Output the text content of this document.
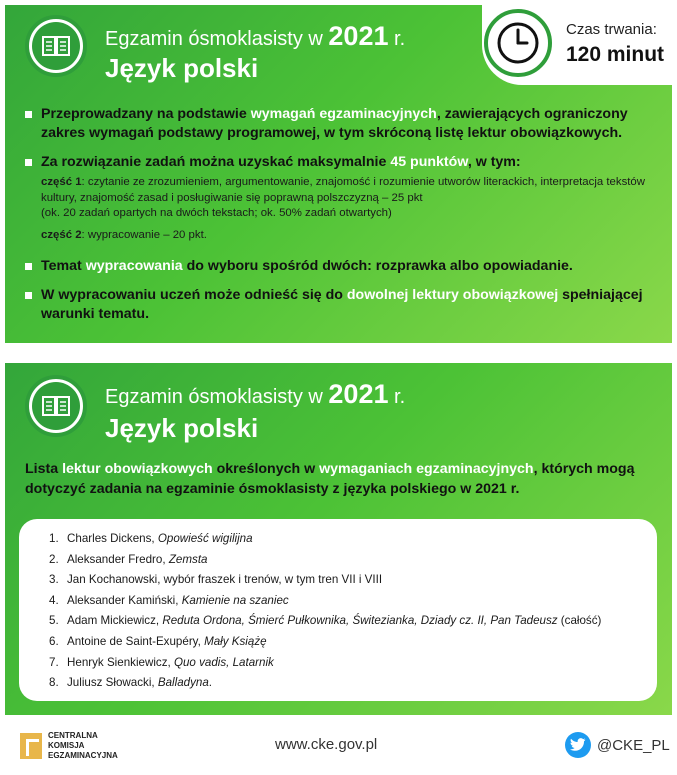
Egzamin ósmoklasisty w 2021 r.
Język polski
Czas trwania:
120 minut
Przeprowadzany na podstawie wymagań egzaminacyjnych, zawierających ograniczony zakres wymagań podstawy programowej, w tym skróconą listę lektur obowiązkowych.
Za rozwiązanie zadań można uzyskać maksymalnie 45 punktów, w tym:
część 1: czytanie ze zrozumieniem, argumentowanie, znajomość i rozumienie utworów literackich, interpretacja tekstów kultury, znajomość zasad i posługiwanie się poprawną polszczyzną – 25 pkt
(ok. 20 zadań opartych na dwóch tekstach; ok. 50% zadań otwartych)
część 2: wypracowanie – 20 pkt.
Temat wypracowania do wyboru spośród dwóch: rozprawka albo opowiadanie.
W wypracowaniu uczeń może odnieść się do dowolnej lektury obowiązkowej spełniającej warunki tematu.
Egzamin ósmoklasisty w 2021 r.
Język polski
Lista lektur obowiązkowych określonych w wymaganiach egzaminacyjnych, których mogą dotyczyć zadania na egzaminie ósmoklasisty z języka polskiego w 2021 r.
1. Charles Dickens, Opowieść wigilijna
2. Aleksander Fredro, Zemsta
3. Jan Kochanowski, wybór fraszek i trenów, w tym tren VII i VIII
4. Aleksander Kamiński, Kamienie na szaniec
5. Adam Mickiewicz, Reduta Ordona, Śmierć Pułkownika, Świtezianka, Dziady cz. II, Pan Tadeusz (całość)
6. Antoine de Saint-Exupéry, Mały Książę
7. Henryk Sienkiewicz, Quo vadis, Latarnik
8. Juliusz Słowacki, Balladyna.
CENTRALNA
KOMISJA
EGZAMINACYJNA
www.cke.gov.pl	@CKE_PL
